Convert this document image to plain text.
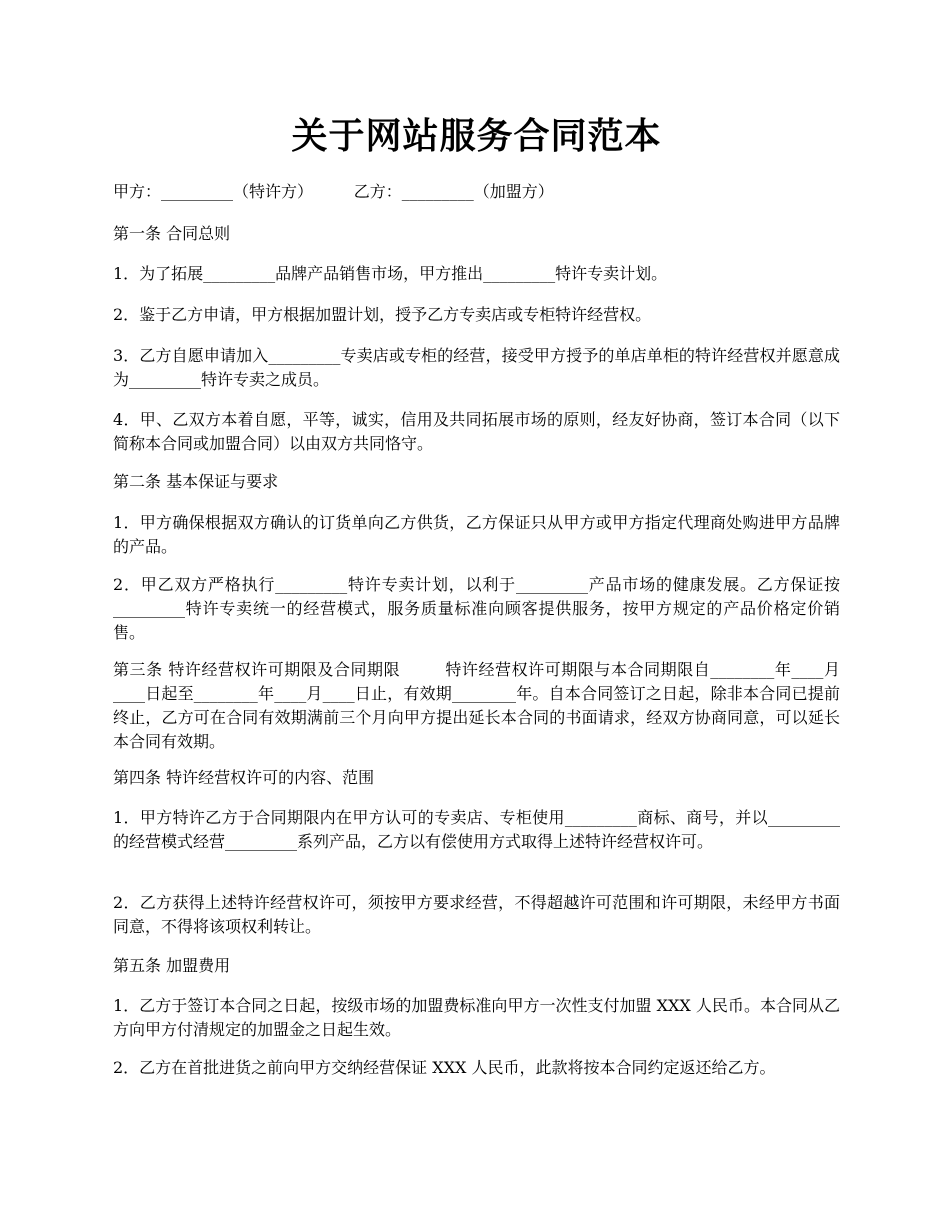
关于网站服务合同范本
甲方：_________（特许方）        乙方：_________（加盟方）
第一条 合同总则
1．为了拓展_________品牌产品销售市场，甲方推出_________特许专卖计划。
2．鉴于乙方申请，甲方根据加盟计划，授予乙方专卖店或专柜特许经营权。
3．乙方自愿申请加入_________专卖店或专柜的经营，接受甲方授予的单店单柜的特许经营权并愿意成为_________特许专卖之成员。
4．甲、乙双方本着自愿，平等，诚实，信用及共同拓展市场的原则，经友好协商，签订本合同（以下简称本合同或加盟合同）以由双方共同恪守。
第二条 基本保证与要求
1．甲方确保根据双方确认的订货单向乙方供货，乙方保证只从甲方或甲方指定代理商处购进甲方品牌的产品。
2．甲乙双方严格执行_________特许专卖计划，以利于_________产品市场的健康发展。乙方保证按_________特许专卖统一的经营模式，服务质量标准向顾客提供服务，按甲方规定的产品价格定价销售。
第三条 特许经营权许可期限及合同期限        特许经营权许可期限与本合同期限自________年____月____日起至________年____月____日止，有效期________年。自本合同签订之日起，除非本合同已提前终止，乙方可在合同有效期满前三个月向甲方提出延长本合同的书面请求，经双方协商同意，可以延长本合同有效期。
第四条 特许经营权许可的内容、范围
1．甲方特许乙方于合同期限内在甲方认可的专卖店、专柜使用_________商标、商号，并以_________的经营模式经营_________系列产品，乙方以有偿使用方式取得上述特许经营权许可。
2．乙方获得上述特许经营权许可，须按甲方要求经营，不得超越许可范围和许可期限，未经甲方书面同意，不得将该项权利转让。
第五条 加盟费用
1．乙方于签订本合同之日起，按级市场的加盟费标准向甲方一次性支付加盟 XXX 人民币。本合同从乙方向甲方付清规定的加盟金之日起生效。
2．乙方在首批进货之前向甲方交纳经营保证 XXX 人民币，此款将按本合同约定返还给乙方。
